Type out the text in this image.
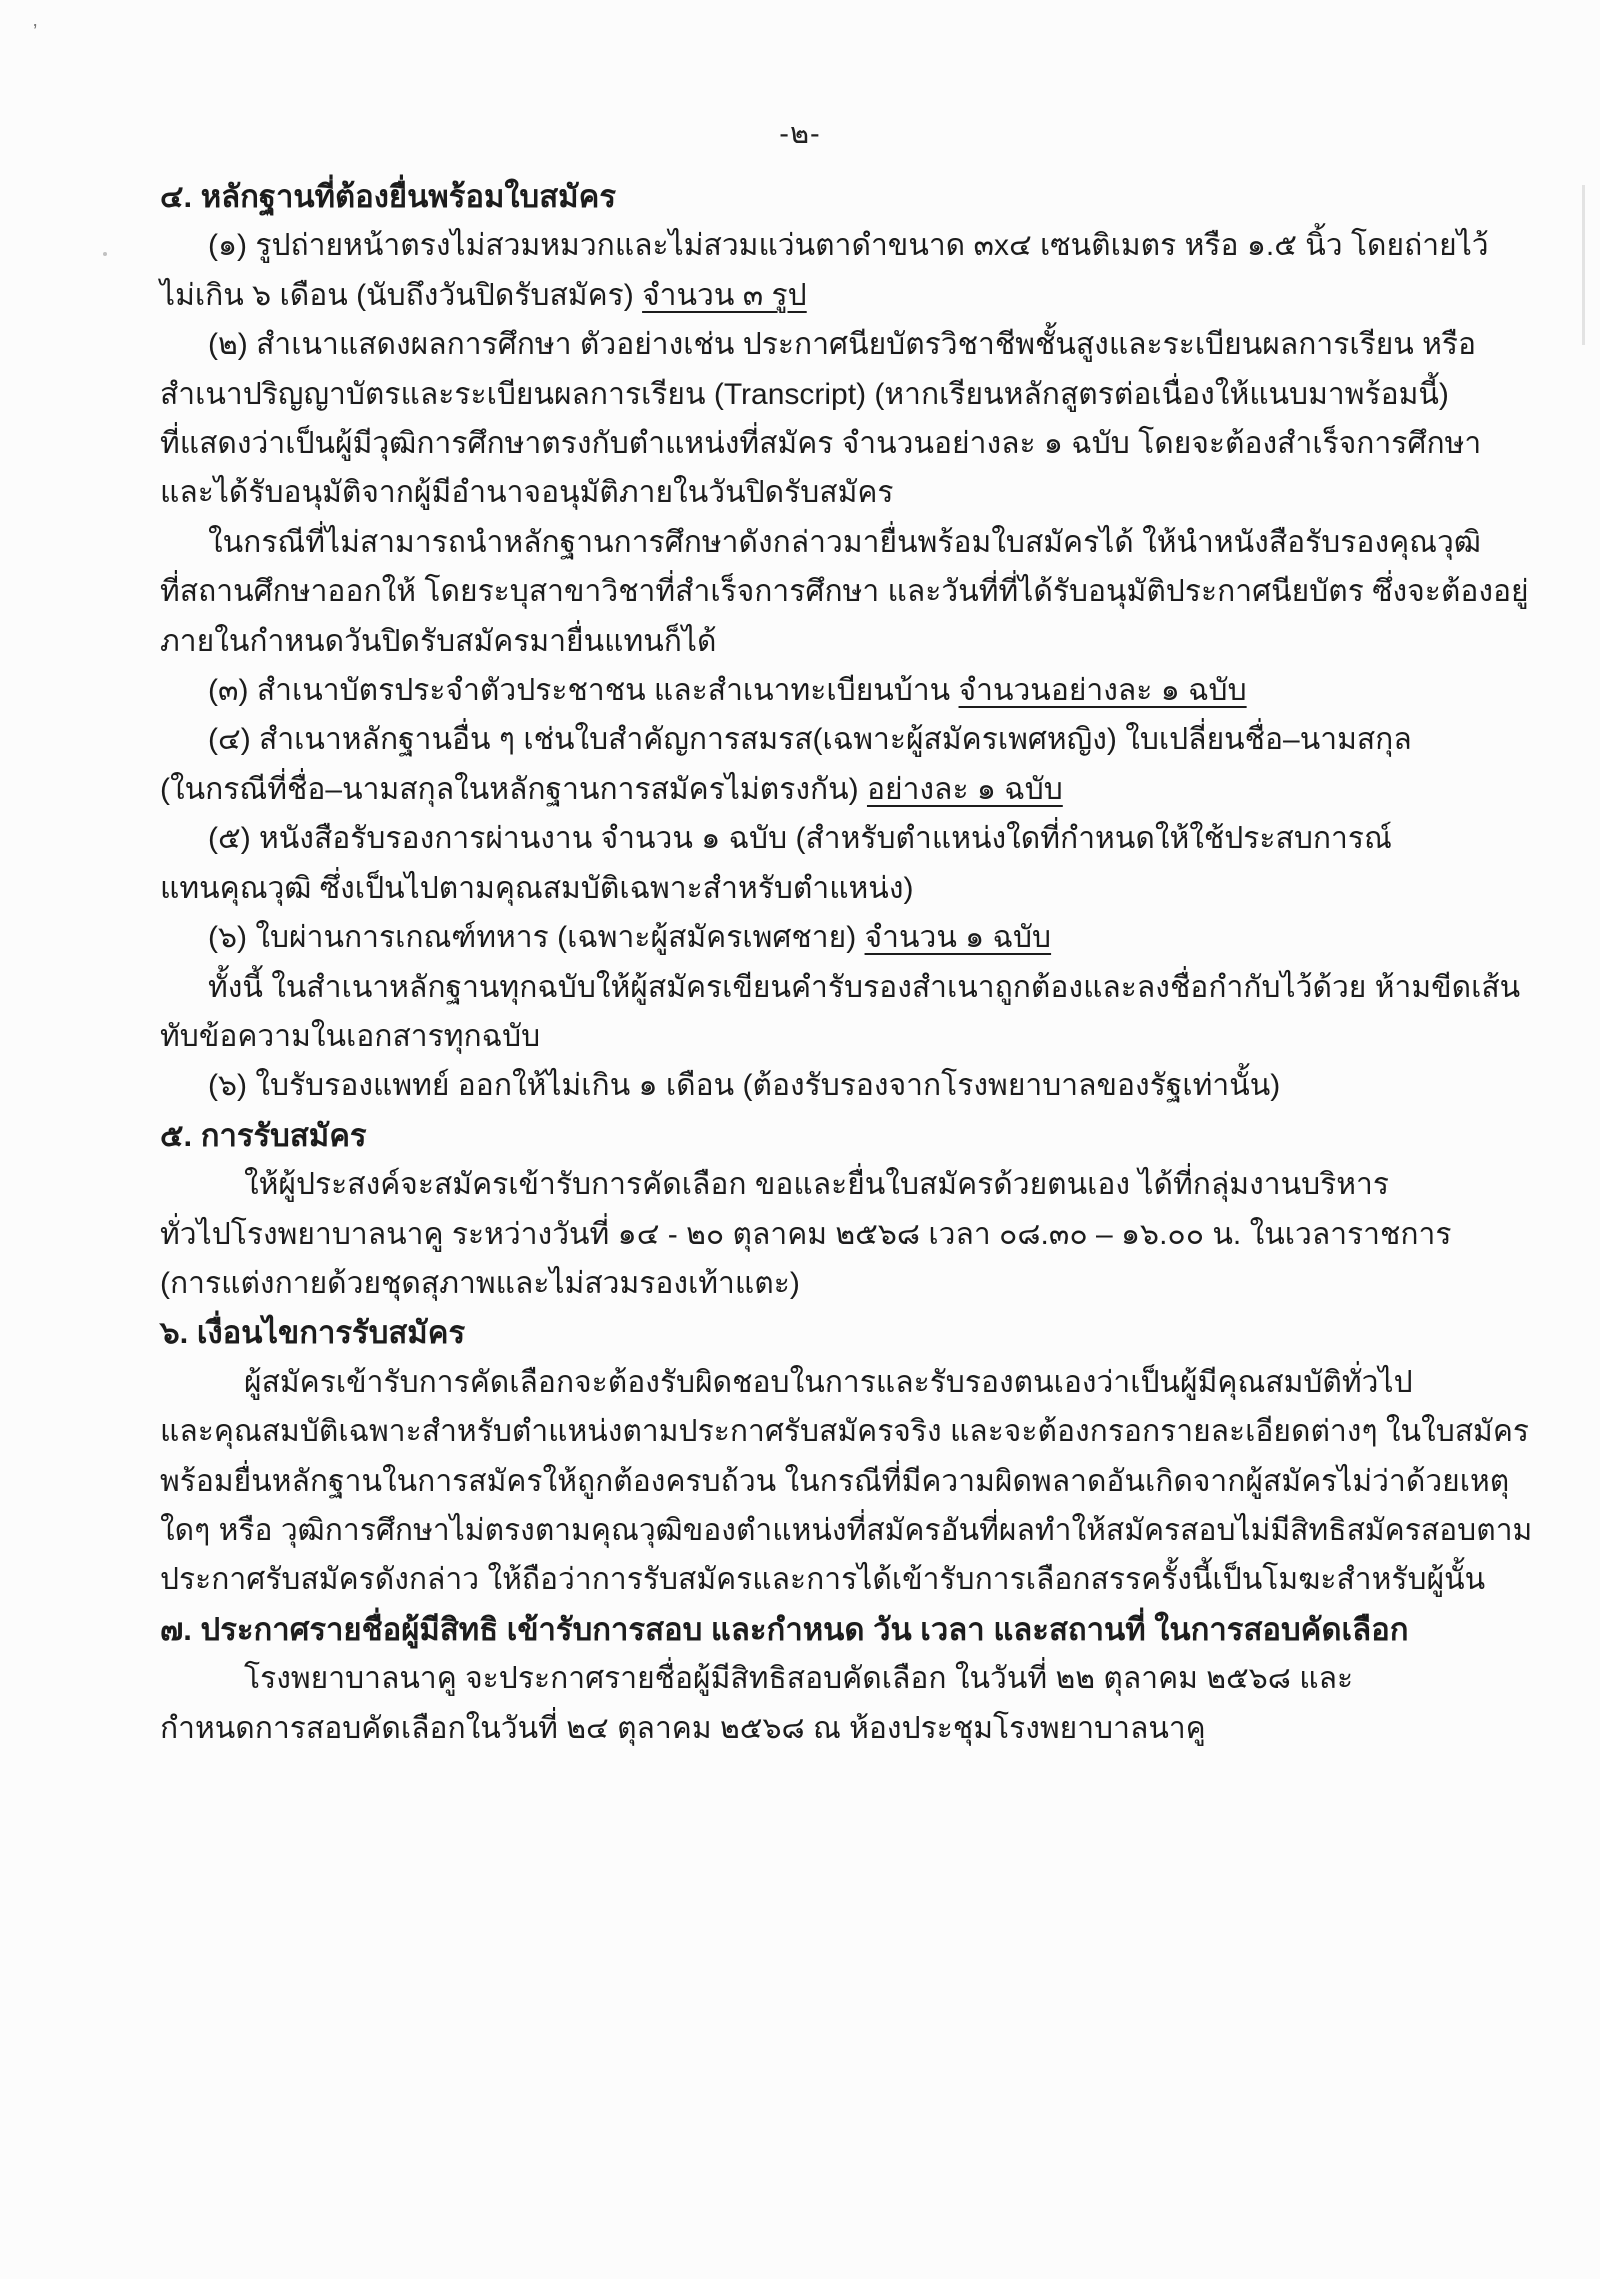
ʼ
-๒-
๔. หลักฐานที่ต้องยื่นพร้อมใบสมัคร
(๑) รูปถ่ายหน้าตรงไม่สวมหมวกและไม่สวมแว่นตาดำขนาด ๓x๔ เซนติเมตร หรือ ๑.๕ นิ้ว โดยถ่ายไว้
ไม่เกิน ๖ เดือน (นับถึงวันปิดรับสมัคร) จำนวน ๓ รูป
(๒) สำเนาแสดงผลการศึกษา ตัวอย่างเช่น ประกาศนียบัตรวิชาชีพชั้นสูงและระเบียนผลการเรียน หรือ
สำเนาปริญญาบัตรและระเบียนผลการเรียน (Transcript) (หากเรียนหลักสูตรต่อเนื่องให้แนบมาพร้อมนี้)
ที่แสดงว่าเป็นผู้มีวุฒิการศึกษาตรงกับตำแหน่งที่สมัคร จำนวนอย่างละ ๑ ฉบับ โดยจะต้องสำเร็จการศึกษา
และได้รับอนุมัติจากผู้มีอำนาจอนุมัติภายในวันปิดรับสมัคร
ในกรณีที่ไม่สามารถนำหลักฐานการศึกษาดังกล่าวมายื่นพร้อมใบสมัครได้ ให้นำหนังสือรับรองคุณวุฒิ
ที่สถานศึกษาออกให้ โดยระบุสาขาวิชาที่สำเร็จการศึกษา และวันที่ที่ได้รับอนุมัติประกาศนียบัตร ซึ่งจะต้องอยู่
ภายในกำหนดวันปิดรับสมัครมายื่นแทนก็ได้
(๓) สำเนาบัตรประจำตัวประชาชน และสำเนาทะเบียนบ้าน จำนวนอย่างละ ๑ ฉบับ
(๔) สำเนาหลักฐานอื่น ๆ เช่นใบสำคัญการสมรส(เฉพาะผู้สมัครเพศหญิง) ใบเปลี่ยนชื่อ–นามสกุล
(ในกรณีที่ชื่อ–นามสกุลในหลักฐานการสมัครไม่ตรงกัน) อย่างละ ๑ ฉบับ
(๕) หนังสือรับรองการผ่านงาน จำนวน ๑ ฉบับ (สำหรับตำแหน่งใดที่กำหนดให้ใช้ประสบการณ์
แทนคุณวุฒิ ซึ่งเป็นไปตามคุณสมบัติเฉพาะสำหรับตำแหน่ง)
(๖) ใบผ่านการเกณฑ์ทหาร (เฉพาะผู้สมัครเพศชาย) จำนวน ๑ ฉบับ
ทั้งนี้ ในสำเนาหลักฐานทุกฉบับให้ผู้สมัครเขียนคำรับรองสำเนาถูกต้องและลงชื่อกำกับไว้ด้วย ห้ามขีดเส้น
ทับข้อความในเอกสารทุกฉบับ
(๖) ใบรับรองแพทย์ ออกให้ไม่เกิน ๑ เดือน (ต้องรับรองจากโรงพยาบาลของรัฐเท่านั้น)
๕. การรับสมัคร
ให้ผู้ประสงค์จะสมัครเข้ารับการคัดเลือก ขอและยื่นใบสมัครด้วยตนเอง ได้ที่กลุ่มงานบริหาร
ทั่วไปโรงพยาบาลนาคู ระหว่างวันที่ ๑๔ - ๒๐ ตุลาคม ๒๕๖๘ เวลา ๐๘.๓๐ – ๑๖.๐๐ น. ในเวลาราชการ
(การแต่งกายด้วยชุดสุภาพและไม่สวมรองเท้าแตะ)
๖. เงื่อนไขการรับสมัคร
ผู้สมัครเข้ารับการคัดเลือกจะต้องรับผิดชอบในการและรับรองตนเองว่าเป็นผู้มีคุณสมบัติทั่วไป
และคุณสมบัติเฉพาะสำหรับตำแหน่งตามประกาศรับสมัครจริง และจะต้องกรอกรายละเอียดต่างๆ ในใบสมัคร
พร้อมยื่นหลักฐานในการสมัครให้ถูกต้องครบถ้วน ในกรณีที่มีความผิดพลาดอันเกิดจากผู้สมัครไม่ว่าด้วยเหตุ
ใดๆ หรือ วุฒิการศึกษาไม่ตรงตามคุณวุฒิของตำแหน่งที่สมัครอันที่ผลทำให้สมัครสอบไม่มีสิทธิสมัครสอบตาม
ประกาศรับสมัครดังกล่าว ให้ถือว่าการรับสมัครและการได้เข้ารับการเลือกสรรครั้งนี้เป็นโมฆะสำหรับผู้นั้น
๗. ประกาศรายชื่อผู้มีสิทธิ เข้ารับการสอบ และกำหนด วัน เวลา และสถานที่ ในการสอบคัดเลือก
โรงพยาบาลนาคู จะประกาศรายชื่อผู้มีสิทธิสอบคัดเลือก ในวันที่ ๒๒ ตุลาคม ๒๕๖๘ และ
กำหนดการสอบคัดเลือกในวันที่ ๒๔ ตุลาคม ๒๕๖๘ ณ ห้องประชุมโรงพยาบาลนาคู
